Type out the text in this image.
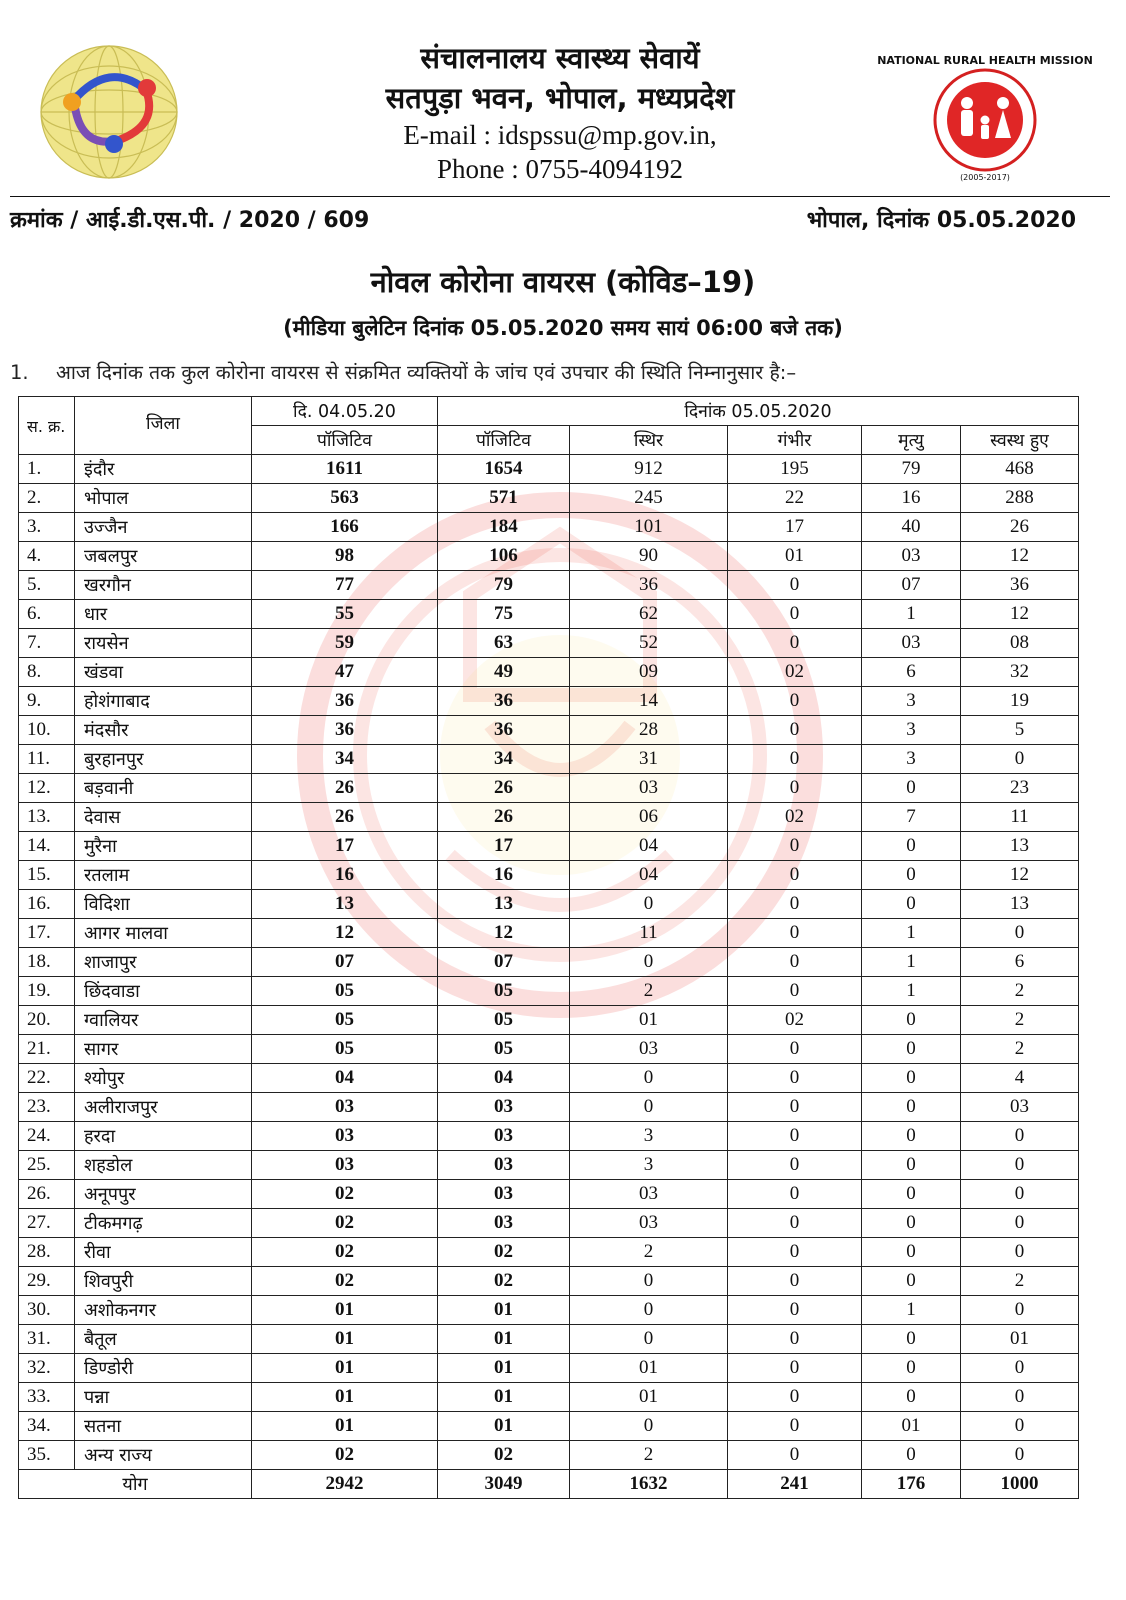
संचालनालय स्वास्थ्य सेवायें
सतपुड़ा भवन, भोपाल, मध्यप्रदेश
E-mail : idspssu@mp.gov.in,
Phone : 0755-4094192
NATIONAL RURAL HEALTH MISSION
(2005-2017)
क्रमांक / आई.डी.एस.पी. / 2020 / 609	भोपाल, दिनांक 05.05.2020
नोवल कोरोना वायरस (कोविड–19)
(मीडिया बुलेटिन दिनांक 05.05.2020 समय सायं 06:00 बजे तक)
1. आज दिनांक तक कुल कोरोना वायरस से संक्रमित व्यक्तियों के जांच एवं उपचार की स्थिति निम्नानुसार है:–
स. क्र.	जिला	दि. 04.05.20	दिनांक 05.05.2020				
		पॉजिटिव	पॉजिटिव	स्थिर	गंभीर	मृत्यु	स्वस्थ हुए
1.	इंदौर	1611	1654	912	195	79	468
2.	भोपाल	563	571	245	22	16	288
3.	उज्जैन	166	184	101	17	40	26
4.	जबलपुर	98	106	90	01	03	12
5.	खरगौन	77	79	36	0	07	36
6.	धार	55	75	62	0	1	12
7.	रायसेन	59	63	52	0	03	08
8.	खंडवा	47	49	09	02	6	32
9.	होशंगाबाद	36	36	14	0	3	19
10.	मंदसौर	36	36	28	0	3	5
11.	बुरहानपुर	34	34	31	0	3	0
12.	बड़वानी	26	26	03	0	0	23
13.	देवास	26	26	06	02	7	11
14.	मुरैना	17	17	04	0	0	13
15.	रतलाम	16	16	04	0	0	12
16.	विदिशा	13	13	0	0	0	13
17.	आगर मालवा	12	12	11	0	1	0
18.	शाजापुर	07	07	0	0	1	6
19.	छिंदवाडा	05	05	2	0	1	2
20.	ग्वालियर	05	05	01	02	0	2
21.	सागर	05	05	03	0	0	2
22.	श्योपुर	04	04	0	0	0	4
23.	अलीराजपुर	03	03	0	0	0	03
24.	हरदा	03	03	3	0	0	0
25.	शहडोल	03	03	3	0	0	0
26.	अनूपपुर	02	03	03	0	0	0
27.	टीकमगढ़	02	03	03	0	0	0
28.	रीवा	02	02	2	0	0	0
29.	शिवपुरी	02	02	0	0	0	2
30.	अशोकनगर	01	01	0	0	1	0
31.	बैतूल	01	01	0	0	0	01
32.	डिण्डोरी	01	01	01	0	0	0
33.	पन्ना	01	01	01	0	0	0
34.	सतना	01	01	0	0	01	0
35.	अन्य राज्य	02	02	2	0	0	0
योग		2942	3049	1632	241	176	1000
